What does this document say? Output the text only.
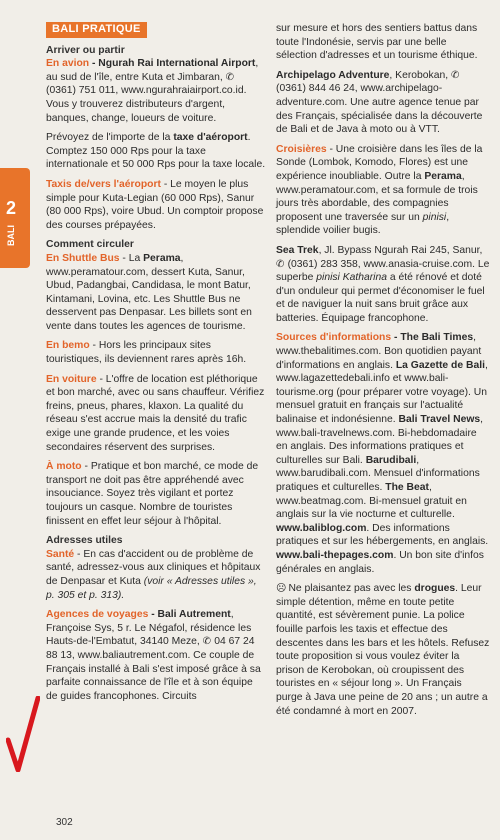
2
BALI
BALI PRATIQUE
Arriver ou partir

En avion - Ngurah Rai International Airport, au sud de l'île, entre Kuta et Jimbaran, ✆ (0361) 751 011, www.ngurahraiairport.co.id. Vous y trouverez distributeurs d'argent, banques, change, loueurs de voiture.

Prévoyez de l'importe de la taxe d'aéroport. Comptez 150 000 Rps pour la taxe internationale et 50 000 Rps pour la taxe locale.

Taxis de/vers l'aéroport - Le moyen le plus simple pour Kuta-Legian (60 000 Rps), Sanur (80 000 Rps), voire Ubud. Un comptoir propose des courses prépayées.

Comment circuler

En Shuttle Bus - La Perama, www.peramatour.com, dessert Kuta, Sanur, Ubud, Padangbai, Candidasa, le mont Batur, Kintamani, Lovina, etc. Les Shuttle Bus ne desservent pas Denpasar. Les billets sont en vente dans toutes les agences de tourisme.

En bemo - Hors les principaux sites touristiques, ils deviennent rares après 16h.

En voiture - L'offre de location est pléthorique et bon marché, avec ou sans chauffeur. Vérifiez freins, pneus, phares, klaxon. La qualité du réseau s'est accrue mais la densité du trafic exige une grande prudence, et les voies secondaires réservent des surprises.

À moto - Pratique et bon marché, ce mode de transport ne doit pas être appréhendé avec insouciance. Soyez très vigilant et portez toujours un casque. Nombre de touristes finissent en effet leur séjour à l'hôpital.

Adresses utiles

Santé - En cas d'accident ou de problème de santé, adressez-vous aux cliniques et hôpitaux de Denpasar et Kuta (voir « Adresses utiles », p. 305 et p. 313).

Agences de voyages - Bali Autrement, Françoise Sys, 5 r. Le Négafol, résidence les Hauts-de-l'Embatut, 34140 Meze, ✆ 04 67 24 88 13, www.baliautrement.com. Ce couple de Français installé à Bali s'est imposé grâce à sa parfaite connaissance de l'île et à son équipe de guides francophones. Circuits

sur mesure et hors des sentiers battus dans toute l'Indonésie, servis par une belle sélection d'adresses et un tourisme éthique.

Archipelago Adventure, Kerobokan, ✆ (0361) 844 46 24, www.archipelago-adventure.com. Une autre agence tenue par des Français, spécialisée dans la découverte de Bali et de Java à moto ou à VTT.

Croisières - Une croisière dans les îles de la Sonde (Lombok, Komodo, Flores) est une expérience inoubliable. Outre la Perama, www.peramatour.com, et sa formule de trois jours très abordable, des compagnies proposent une traversée sur un pinisi, splendide voilier bugis.

Sea Trek, Jl. Bypass Ngurah Rai 245, Sanur, ✆ (0361) 283 358, www.anasia-cruise.com. Le superbe pinisi Katharina a été rénové et doté d'un onduleur qui permet d'économiser le fuel et de naviguer la nuit sans bruit grâce aux batteries. Équipage francophone.

Sources d'informations - The Bali Times, www.thebalitimes.com. Bon quotidien payant d'informations en anglais. La Gazette de Bali, www.lagazettedebali.info et www.bali-tourisme.org (pour préparer votre voyage). Un mensuel gratuit en français sur l'actualité balinaise et indonésienne. Bali Travel News, www.bali-travelnews.com. Bi-hebdomadaire en anglais. Des informations pratiques et culturelles sur Bali. Barudibali, www.barudibali.com. Mensuel d'informations pratiques et culturelles. The Beat, www.beatmag.com. Bi-mensuel gratuit en anglais sur la vie nocturne et culturelle. www.baliblog.com. Des informations pratiques et sur les hébergements, en anglais. www.bali-thepages.com. Un bon site d'infos générales en anglais.

☹ Ne plaisantez pas avec les drogues. Leur simple détention, même en toute petite quantité, est sévèrement punie. La police fouille parfois les taxis et effectue des descentes dans les bars et les hôtels. Refusez toute proposition si vous voulez éviter la prison de Kerobokan, où croupissent des touristes en « séjour long ». Un Français purge à Java une peine de 20 ans ; un autre a été condamné à mort en 2007.

302
